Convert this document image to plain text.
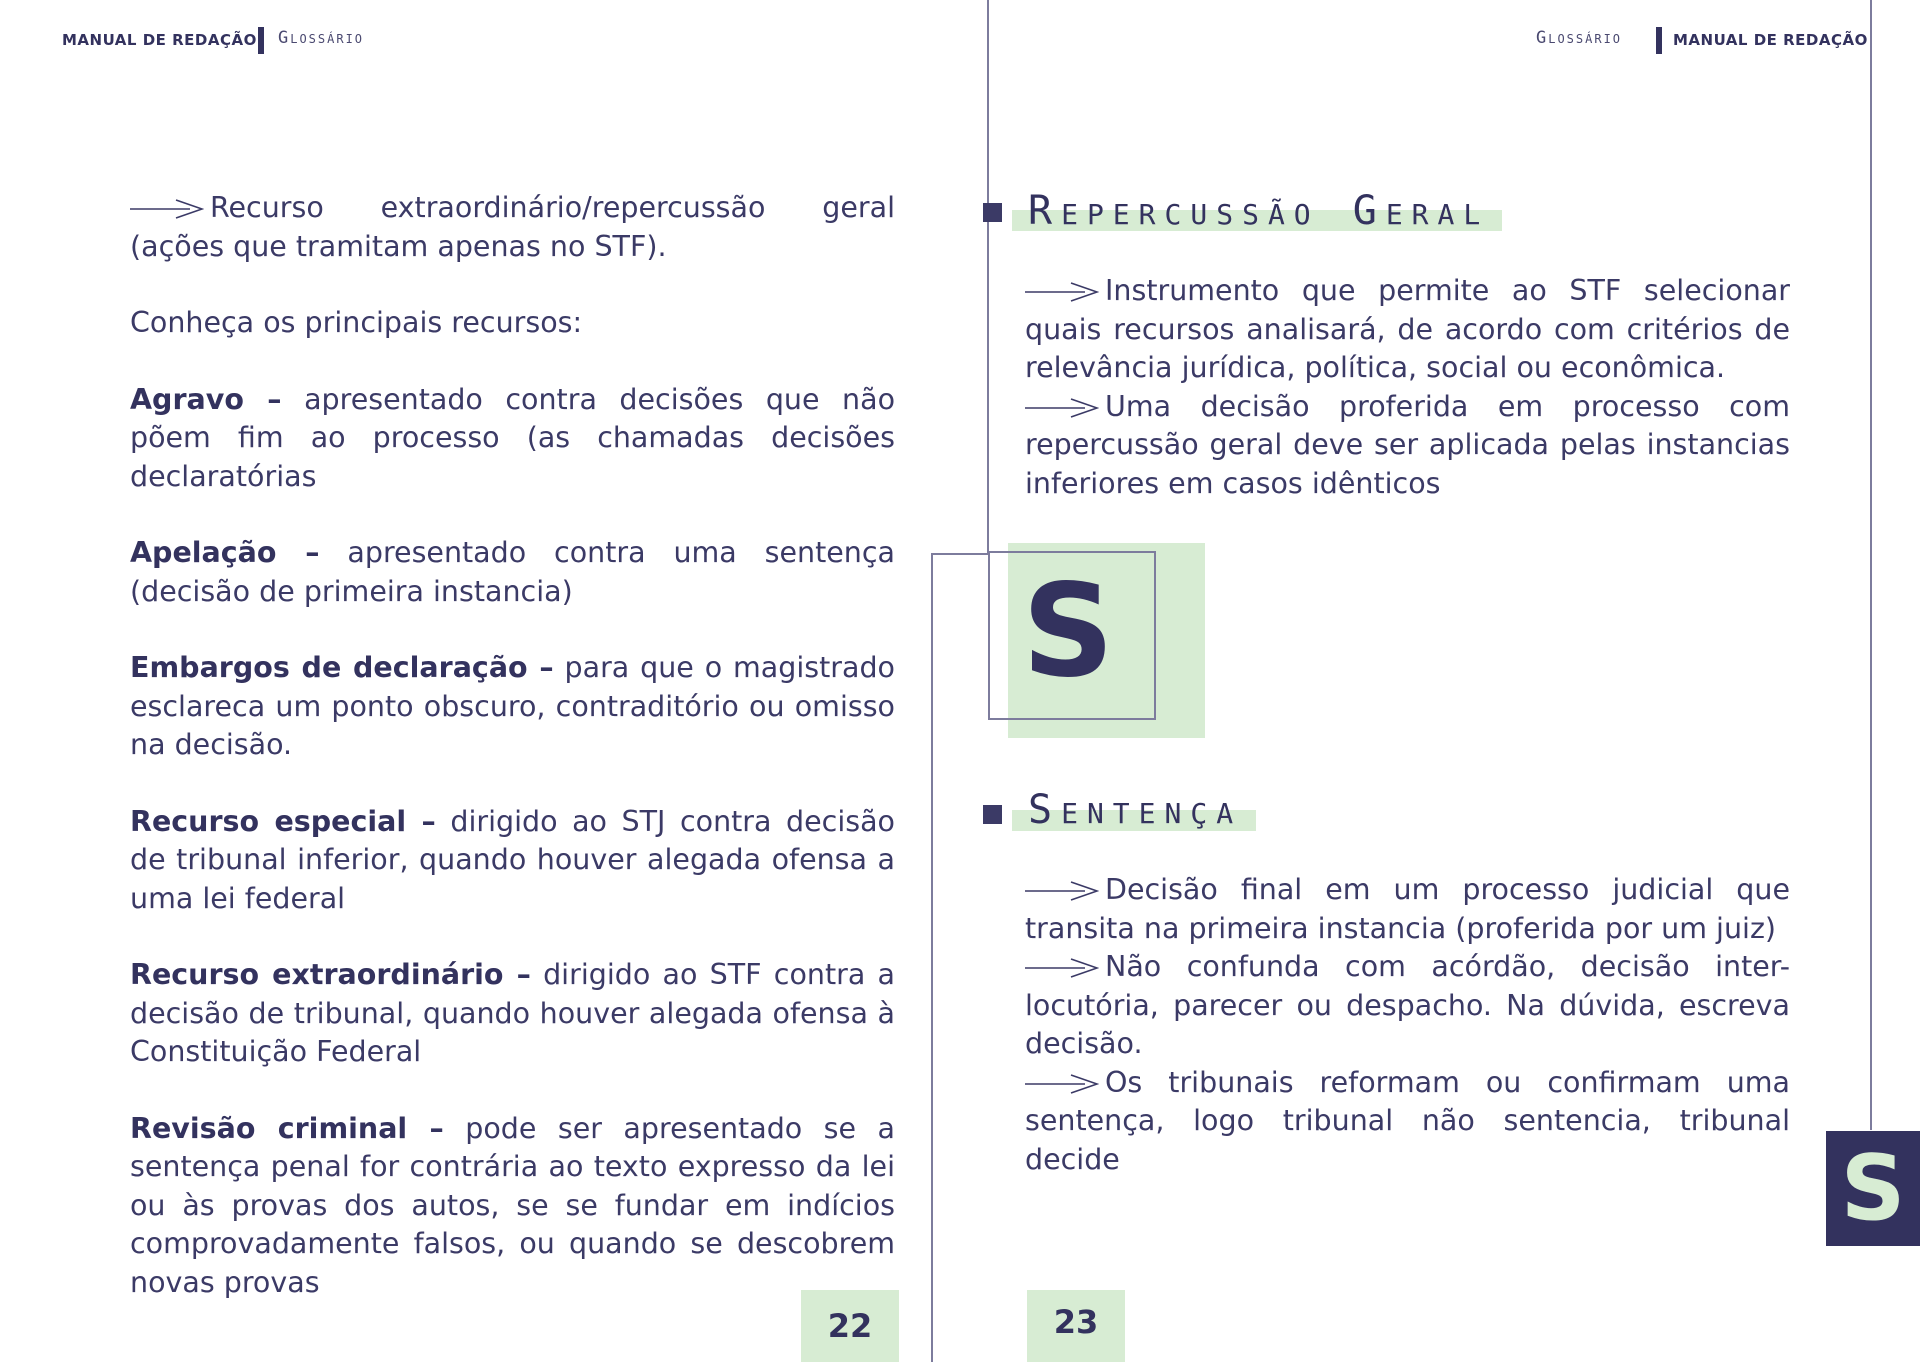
MANUAL DE REDAÇÃO Glossário	Glossário	MANUAL DE REDAÇÃO

Recurso extraordinário/repercussão geral (ações que tramitam apenas no STF).

Conheça os principais recursos:

Agravo – apresentado contra decisões que não põem fim ao processo (as chamadas decisões declaratórias

Apelação – apresentado contra uma sentença (decisão de primeira instancia)

Embargos de declaração – para que o magistrado esclareca um ponto obscuro, contraditório ou omisso na decisão.

Recurso especial – dirigido ao STJ contra decisão de tribunal inferior, quando houver alegada ofensa a uma lei federal

Recurso extraordinário – dirigido ao STF contra a decisão de tribunal, quando houver alegada ofensa à Constituição Federal

Revisão criminal – pode ser apresentado se a sentença penal for contrária ao texto expresso da lei ou às provas dos autos, se se fundar em indícios comprovadamente falsos, ou quando se descobrem novas provas

22	23
Repercussão Geral

Instrumento que permite ao STF selecionar quais recursos analisará, de acordo com critérios de relevância jurídica, política, social ou econômica.

Uma decisão proferida em processo com repercussão geral deve ser aplicada pelas instancias inferiores em casos idênticos

S
Sentença

Decisão final em um processo judicial que transita na primeira instancia (proferida por um juiz)

Não confunda com acórdão, decisão inter-locutória, parecer ou despacho. Na dúvida, escreva decisão.

Os tribunais reformam ou confirmam uma sentença, logo tribunal não sentencia, tribunal decide	S
